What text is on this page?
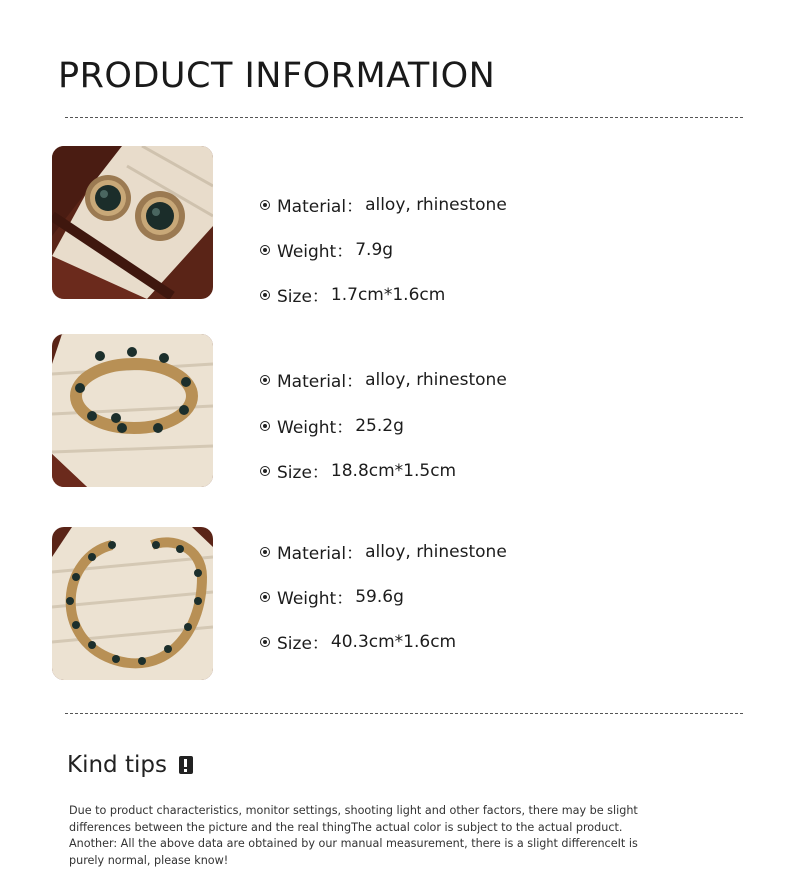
PRODUCT INFORMATION
Material： alloy, rhinestone
Weight： 7.9g
Size： 1.7cm*1.6cm
Material： alloy, rhinestone
Weight： 25.2g
Size： 18.8cm*1.5cm
Material： alloy, rhinestone
Weight： 59.6g
Size： 40.3cm*1.6cm
Kind tips
Due to product characteristics, monitor settings, shooting light and other factors, there may be slight
differences between the picture and the real thingThe actual color is subject to the actual product.
Another: All the above data are obtained by our manual measurement, there is a slight differenceIt is
purely normal, please know!
